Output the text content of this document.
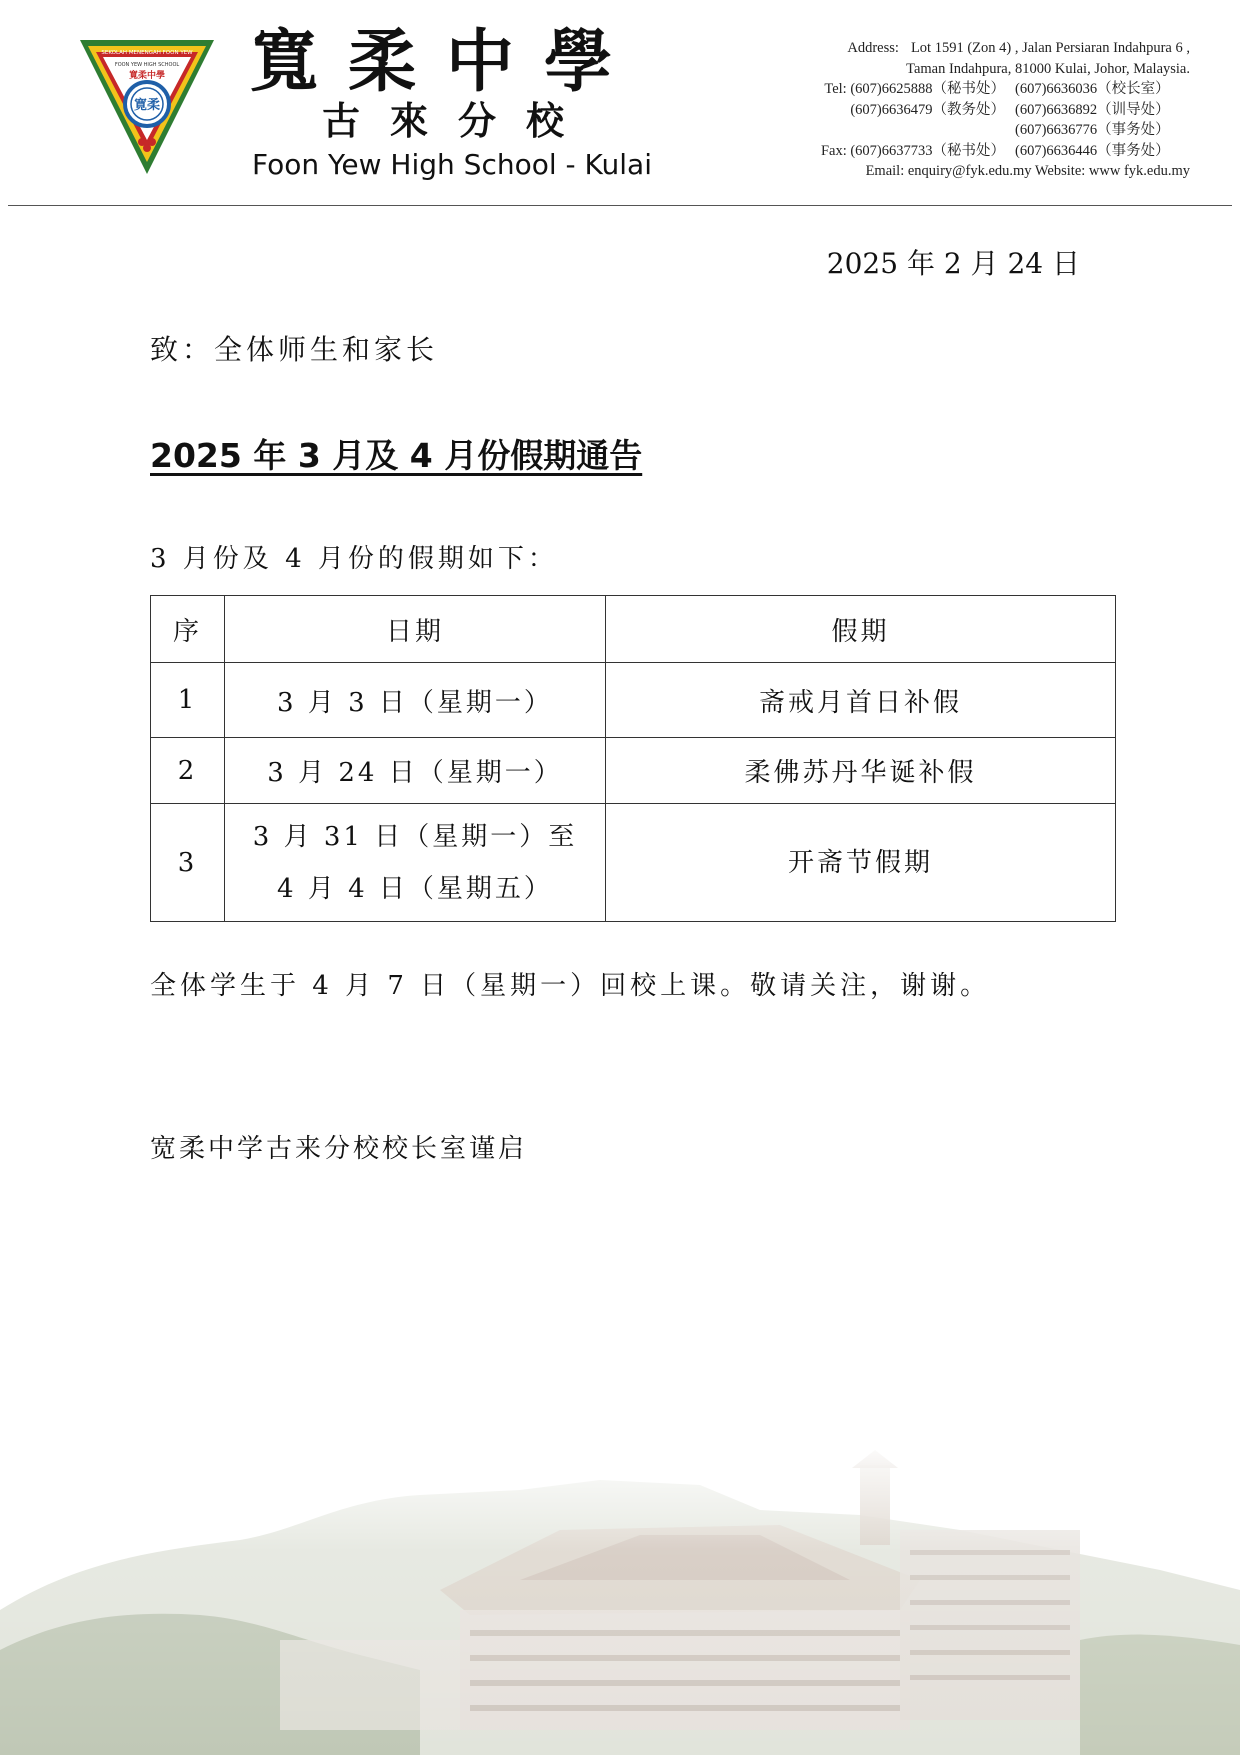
SEKOLAH MENENGAH FOON YEW
FOON YEW HIGH SCHOOL
寬柔中學
寛柔
寬柔中學
古來分校
Foon Yew High School - Kulai
Address: Lot 1591 (Zon 4) , Jalan Persiaran Indahpura 6 ,
Taman Indahpura, 81000 Kulai, Johor, Malaysia.
Tel: (607)6625888（秘书处） (607)6636036（校长室）
(607)6636479（教务处） (607)6636892（训导处）
(607)6636776（事务处）
Fax: (607)6637733（秘书处） (607)6636446（事务处）
Email: enquiry@fyk.edu.my Website: www fyk.edu.my
2025 年 2 月 24 日
致：全体师生和家长
2025 年 3 月及 4 月份假期通告
3 月份及 4 月份的假期如下：
序	日期	假期
1	3 月 3 日（星期一）	斋戒月首日补假
2	3 月 24 日（星期一）	柔佛苏丹华诞补假
3	3 月 31 日（星期一）至
4 月 4 日（星期五）	开斋节假期
全体学生于 4 月 7 日（星期一）回校上课。敬请关注，谢谢。
宽柔中学古来分校校长室谨启
